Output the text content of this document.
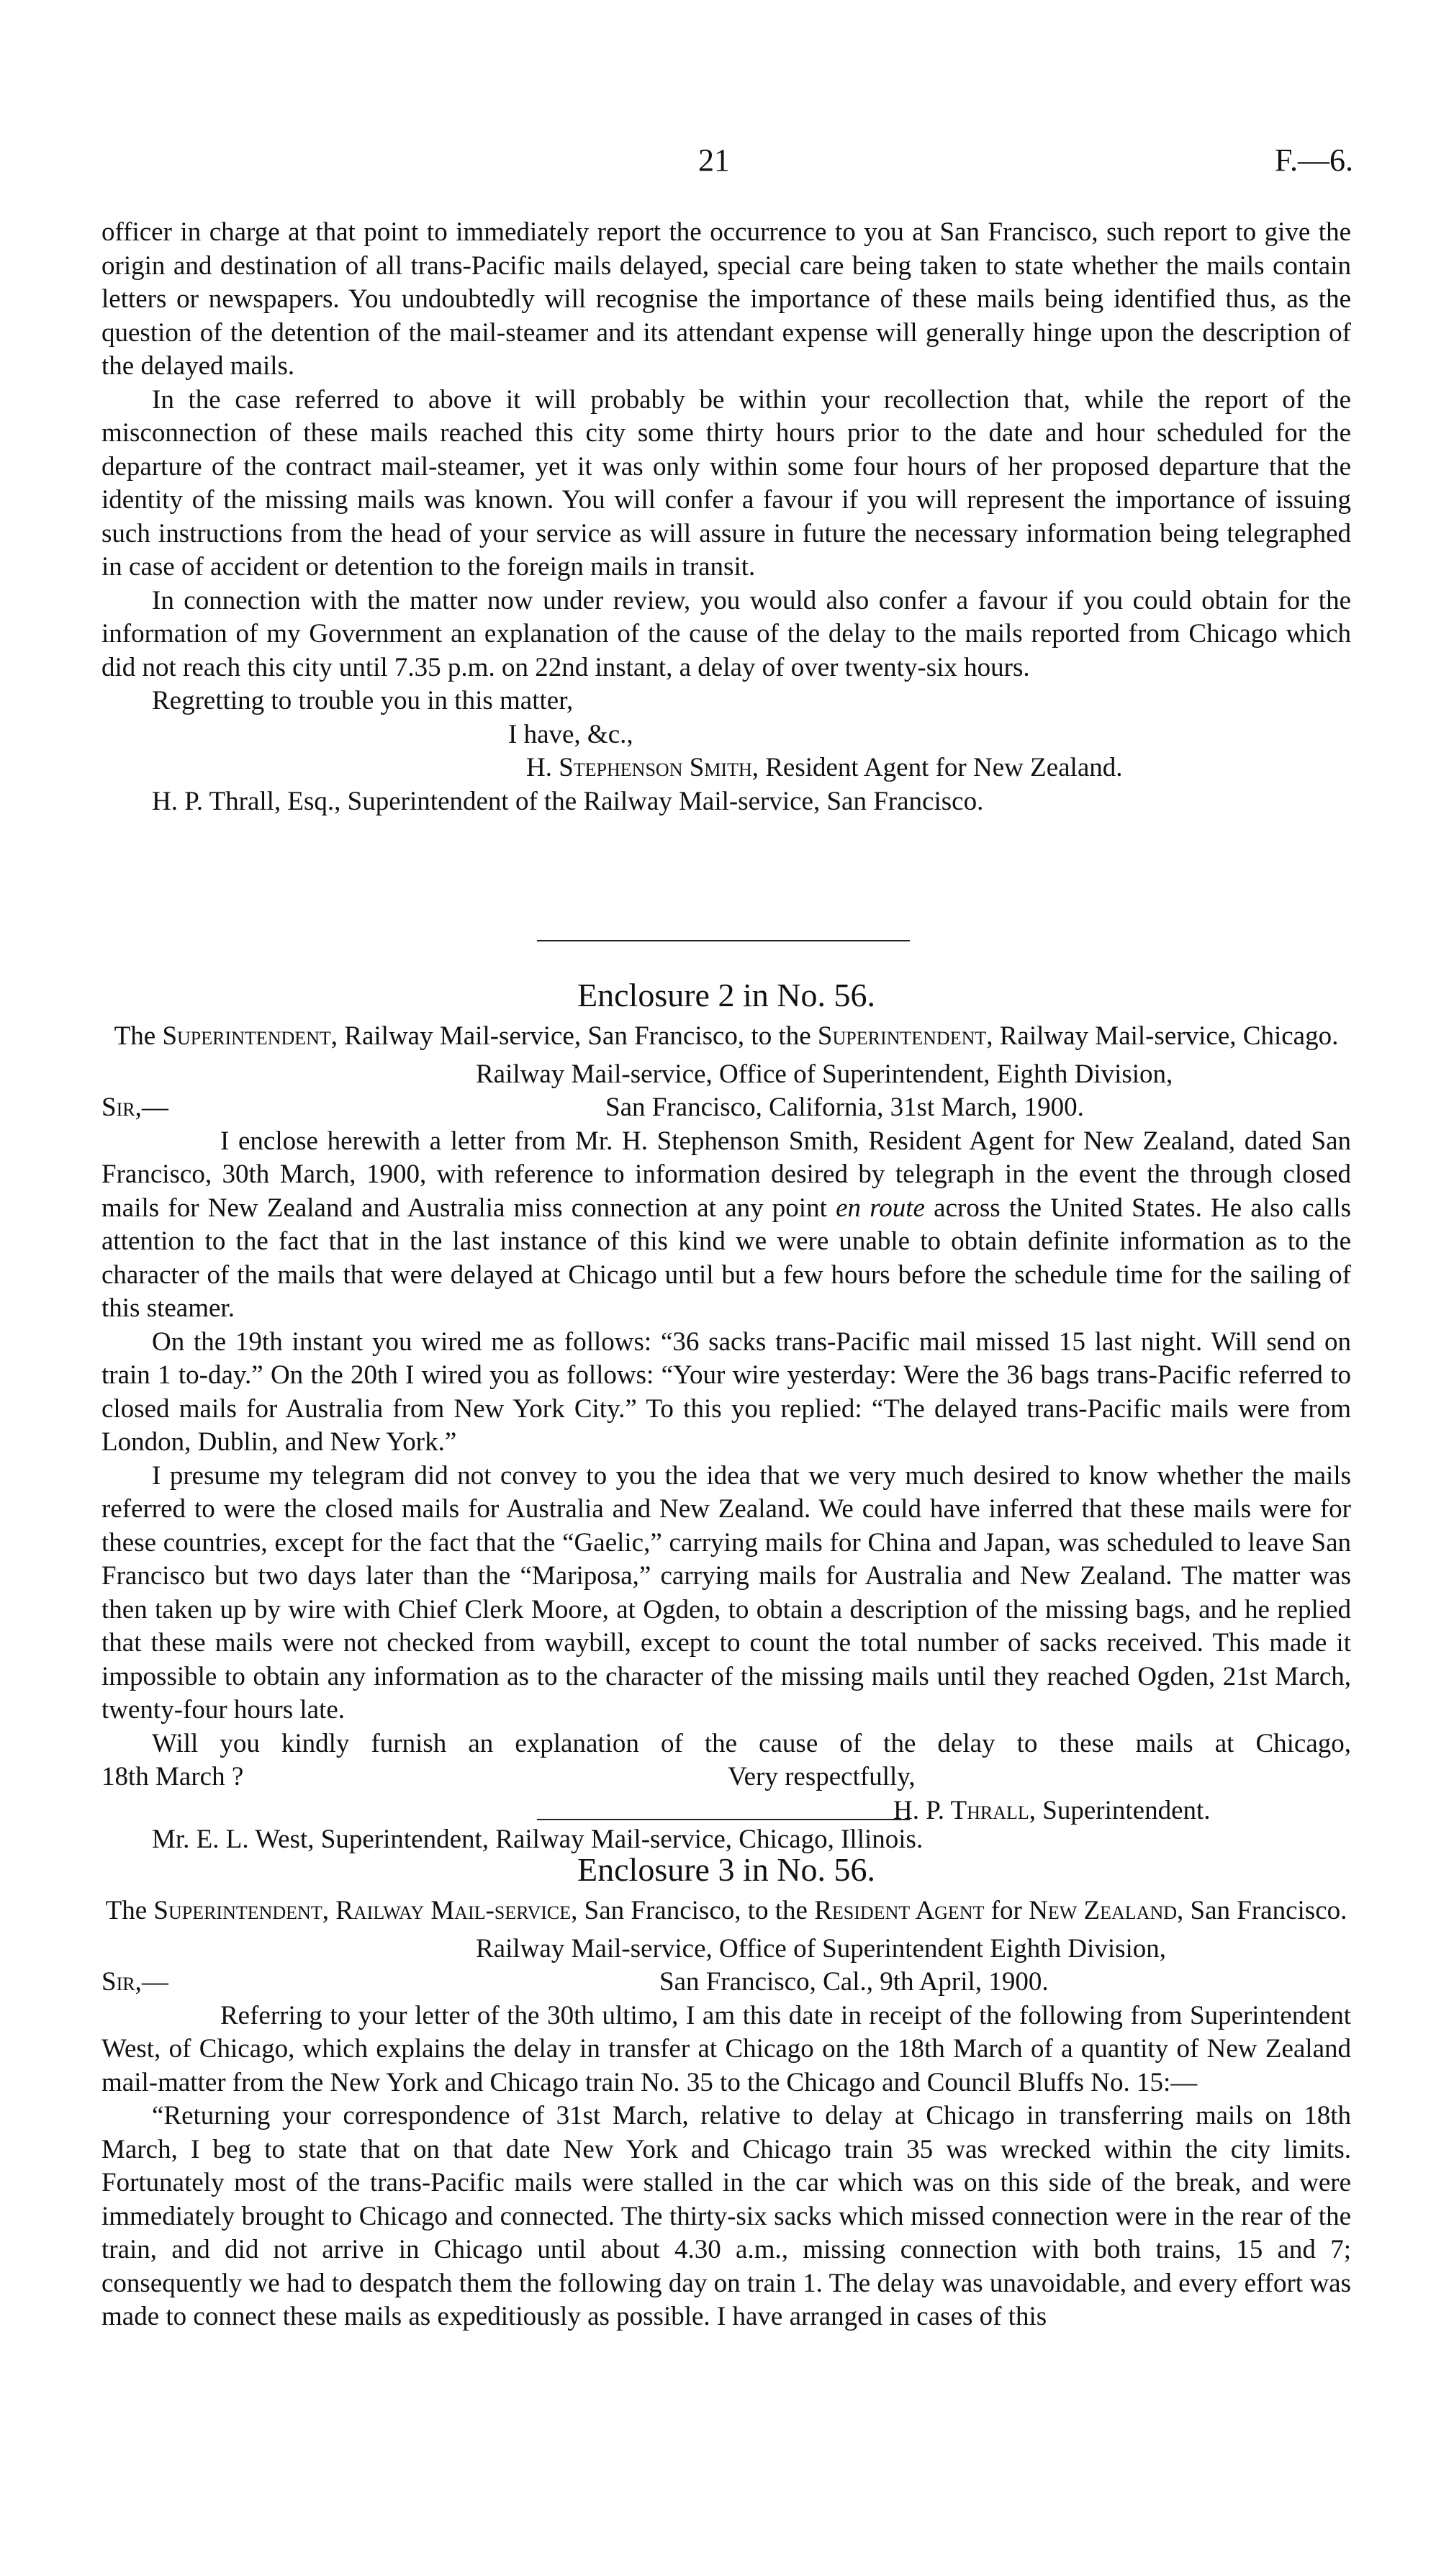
21	F.—6.

officer in charge at that point to immediately report the occurrence to you at San Francisco, such report to give the origin and destination of all trans-Pacific mails delayed, special care being taken to state whether the mails contain letters or newspapers. You undoubtedly will recognise the importance of these mails being identified thus, as the question of the detention of the mail-steamer and its attendant expense will generally hinge upon the description of the delayed mails.

In the case referred to above it will probably be within your recollection that, while the report of the misconnection of these mails reached this city some thirty hours prior to the date and hour scheduled for the departure of the contract mail-steamer, yet it was only within some four hours of her proposed departure that the identity of the missing mails was known. You will confer a favour if you will represent the importance of issuing such instructions from the head of your service as will assure in future the necessary information being telegraphed in case of accident or detention to the foreign mails in transit.

In connection with the matter now under review, you would also confer a favour if you could obtain for the information of my Government an explanation of the cause of the delay to the mails reported from Chicago which did not reach this city until 7.35 p.m. on 22nd instant, a delay of over twenty-six hours.

Regretting to trouble you in this matter,

I have, &c.,

H. Stephenson Smith, Resident Agent for New Zealand.

H. P. Thrall, Esq., Superintendent of the Railway Mail-service, San Francisco.

Enclosure 2 in No. 56.

The Superintendent, Railway Mail-service, San Francisco, to the Superintendent, Railway Mail-service, Chicago.

Railway Mail-service, Office of Superintendent, Eighth Division,

Sir,—	San Francisco, California, 31st March, 1900.

I enclose herewith a letter from Mr. H. Stephenson Smith, Resident Agent for New Zealand, dated San Francisco, 30th March, 1900, with reference to information desired by telegraph in the event the through closed mails for New Zealand and Australia miss connection at any point en route across the United States. He also calls attention to the fact that in the last instance of this kind we were unable to obtain definite information as to the character of the mails that were delayed at Chicago until but a few hours before the schedule time for the sailing of this steamer.

On the 19th instant you wired me as follows: “36 sacks trans-Pacific mail missed 15 last night. Will send on train 1 to-day.” On the 20th I wired you as follows: “Your wire yesterday: Were the 36 bags trans-Pacific referred to closed mails for Australia from New York City.” To this you replied: “The delayed trans-Pacific mails were from London, Dublin, and New York.”

I presume my telegram did not convey to you the idea that we very much desired to know whether the mails referred to were the closed mails for Australia and New Zealand. We could have inferred that these mails were for these countries, except for the fact that the “Gaelic,” carrying mails for China and Japan, was scheduled to leave San Francisco but two days later than the “Mariposa,” carrying mails for Australia and New Zealand. The matter was then taken up by wire with Chief Clerk Moore, at Ogden, to obtain a description of the missing bags, and he replied that these mails were not checked from waybill, except to count the total number of sacks received. This made it impossible to obtain any information as to the character of the missing mails until they reached Ogden, 21st March, twenty-four hours late.

Will you kindly furnish an explanation of the cause of the delay to these mails at Chicago,

18th March ?	Very respectfully,

H. P. Thrall, Superintendent.

Mr. E. L. West, Superintendent, Railway Mail-service, Chicago, Illinois.

Enclosure 3 in No. 56.

The Superintendent, Railway Mail-service, San Francisco, to the Resident Agent for New Zealand, San Francisco.

Railway Mail-service, Office of Superintendent Eighth Division,

Sir,—	San Francisco, Cal., 9th April, 1900.

Referring to your letter of the 30th ultimo, I am this date in receipt of the following from Superintendent West, of Chicago, which explains the delay in transfer at Chicago on the 18th March of a quantity of New Zealand mail-matter from the New York and Chicago train No. 35 to the Chicago and Council Bluffs No. 15:—

“Returning your correspondence of 31st March, relative to delay at Chicago in transferring mails on 18th March, I beg to state that on that date New York and Chicago train 35 was wrecked within the city limits. Fortunately most of the trans-Pacific mails were stalled in the car which was on this side of the break, and were immediately brought to Chicago and connected. The thirty-six sacks which missed connection were in the rear of the train, and did not arrive in Chicago until about 4.30 a.m., missing connection with both trains, 15 and 7; consequently we had to despatch them the following day on train 1. The delay was unavoidable, and every effort was made to connect these mails as expeditiously as possible. I have arranged in cases of this
